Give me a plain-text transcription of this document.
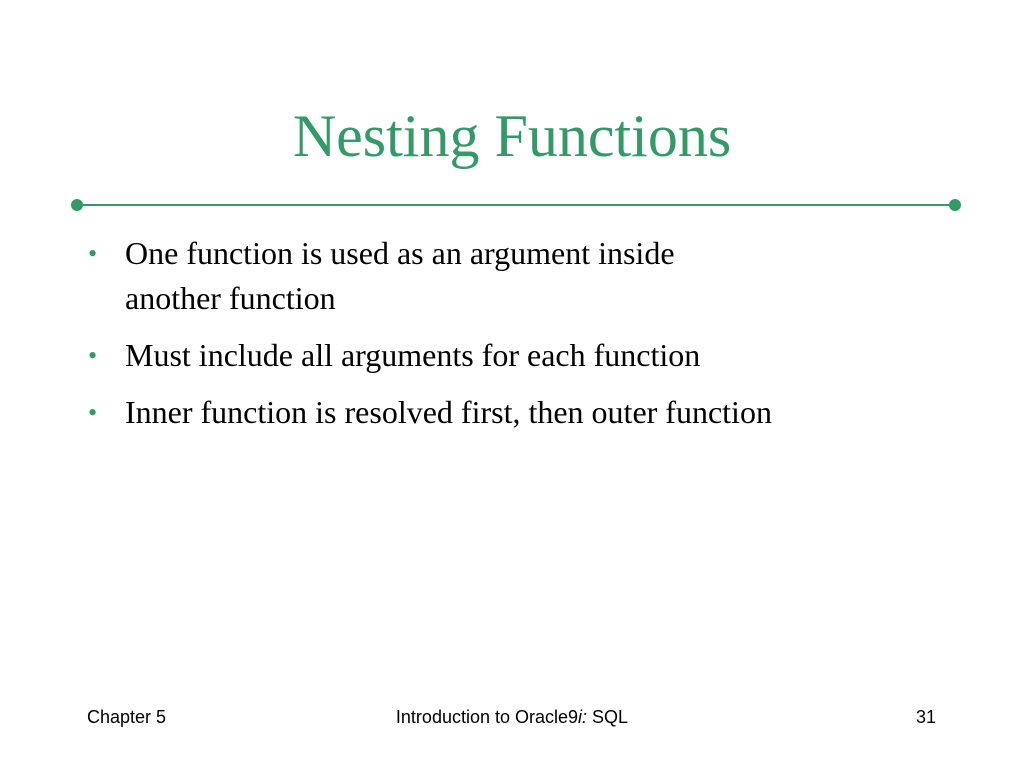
Nesting Functions
• One function is used as an argument inside
another function
• Must include all arguments for each function
• Inner function is resolved first, then outer function
Chapter 5	Introduction to Oracle9i: SQL	31
